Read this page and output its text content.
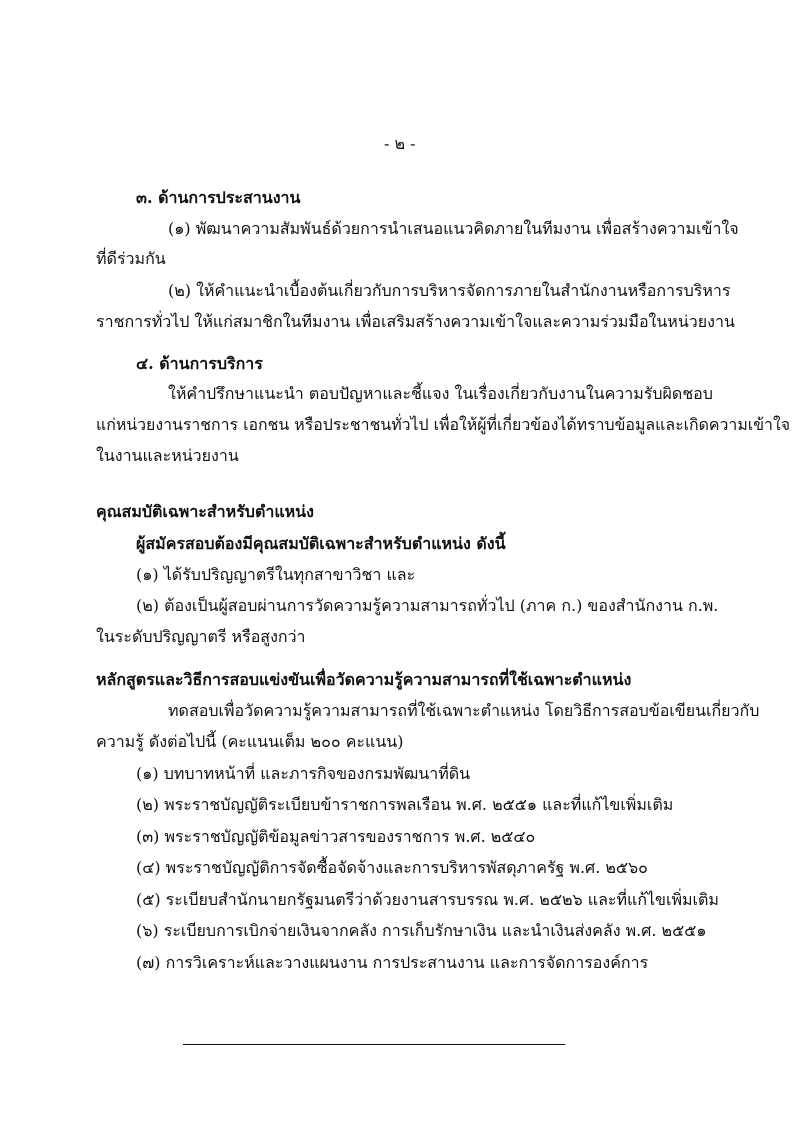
- ๒ -
๓. ด้านการประสานงาน
(๑) พัฒนาความสัมพันธ์ด้วยการนำเสนอแนวคิดภายในทีมงาน เพื่อสร้างความเข้าใจ
ที่ดีร่วมกัน
(๒) ให้คำแนะนำเบื้องต้นเกี่ยวกับการบริหารจัดการภายในสำนักงานหรือการบริหาร
ราชการทั่วไป ให้แก่สมาชิกในทีมงาน เพื่อเสริมสร้างความเข้าใจและความร่วมมือในหน่วยงาน
๔. ด้านการบริการ
ให้คำปรึกษาแนะนำ ตอบปัญหาและชี้แจง ในเรื่องเกี่ยวกับงานในความรับผิดชอบ
แก่หน่วยงานราชการ เอกชน หรือประชาชนทั่วไป เพื่อให้ผู้ที่เกี่ยวข้องได้ทราบข้อมูลและเกิดความเข้าใจ
ในงานและหน่วยงาน
คุณสมบัติเฉพาะสำหรับตำแหน่ง
ผู้สมัครสอบต้องมีคุณสมบัติเฉพาะสำหรับตำแหน่ง ดังนี้
(๑) ได้รับปริญญาตรีในทุกสาขาวิชา และ
(๒) ต้องเป็นผู้สอบผ่านการวัดความรู้ความสามารถทั่วไป (ภาค ก.) ของสำนักงาน ก.พ.
ในระดับปริญญาตรี หรือสูงกว่า
หลักสูตรและวิธีการสอบแข่งขันเพื่อวัดความรู้ความสามารถที่ใช้เฉพาะตำแหน่ง
ทดสอบเพื่อวัดความรู้ความสามารถที่ใช้เฉพาะตำแหน่ง โดยวิธีการสอบข้อเขียนเกี่ยวกับ
ความรู้ ดังต่อไปนี้ (คะแนนเต็ม ๒๐๐ คะแนน)
(๑) บทบาทหน้าที่ และภารกิจของกรมพัฒนาที่ดิน
(๒) พระราชบัญญัติระเบียบข้าราชการพลเรือน พ.ศ. ๒๕๕๑ และที่แก้ไขเพิ่มเติม
(๓) พระราชบัญญัติข้อมูลข่าวสารของราชการ พ.ศ. ๒๕๔๐
(๔) พระราชบัญญัติการจัดซื้อจัดจ้างและการบริหารพัสดุภาครัฐ พ.ศ. ๒๕๖๐
(๕) ระเบียบสำนักนายกรัฐมนตรีว่าด้วยงานสารบรรณ พ.ศ. ๒๕๒๖ และที่แก้ไขเพิ่มเติม
(๖) ระเบียบการเบิกจ่ายเงินจากคลัง การเก็บรักษาเงิน และนำเงินส่งคลัง พ.ศ. ๒๕๕๑
(๗) การวิเคราะห์และวางแผนงาน การประสานงาน และการจัดการองค์การ
